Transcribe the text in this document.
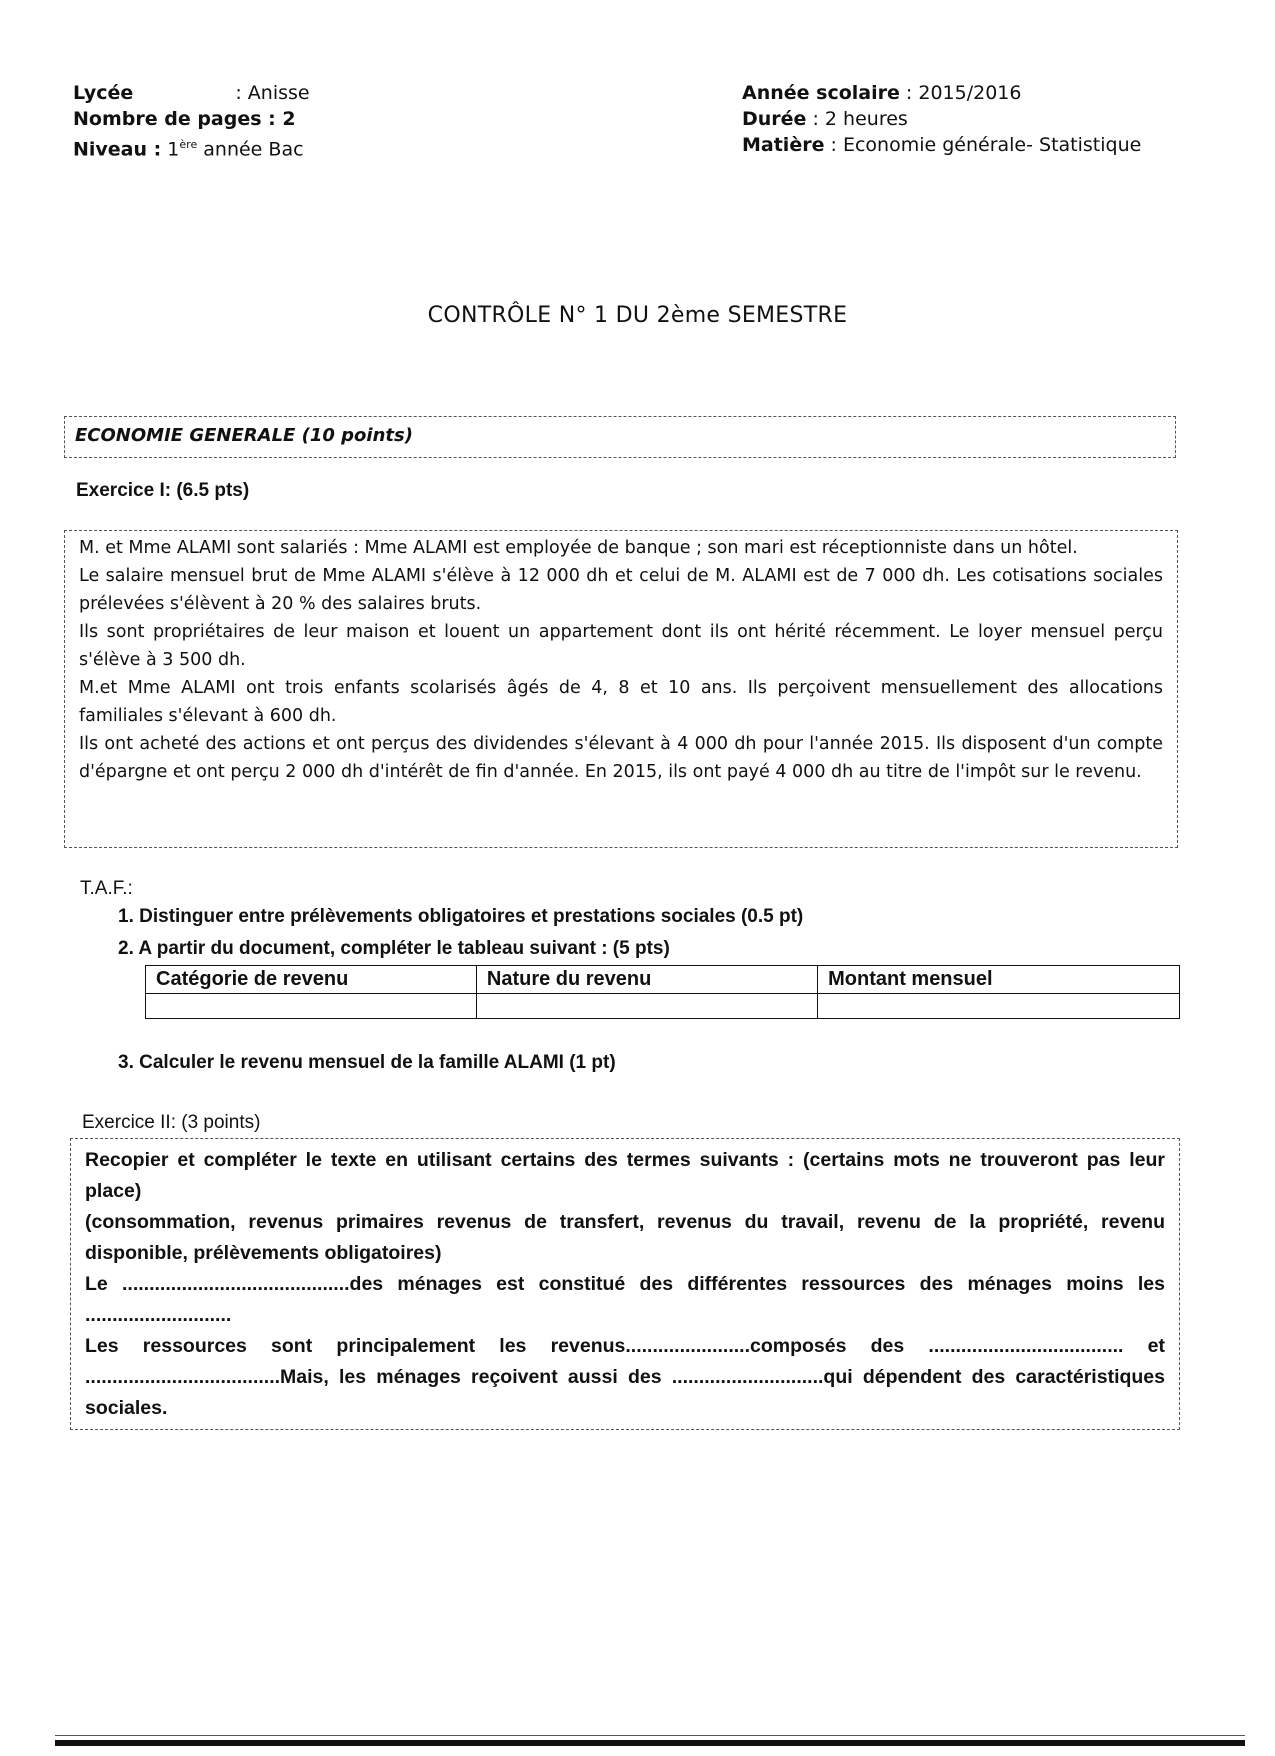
Lycée	: Anisse
Nombre de pages : 2
Niveau : 1ère année Bac
Année scolaire : 2015/2016
Durée : 2 heures
Matière : Economie générale- Statistique
CONTRÔLE N° 1 DU 2ème SEMESTRE
ECONOMIE GENERALE (10 points)
Exercice I: (6.5 pts)

M. et Mme ALAMI sont salariés : Mme ALAMI est employée de banque ; son mari est réceptionniste dans un hôtel.

Le salaire mensuel brut de Mme ALAMI s'élève à 12 000 dh et celui de M. ALAMI est de 7 000 dh. Les cotisations sociales prélevées s'élèvent à 20 % des salaires bruts.

Ils sont propriétaires de leur maison et louent un appartement dont ils ont hérité récemment. Le loyer mensuel perçu s'élève à 3 500 dh.

M.et Mme ALAMI ont trois enfants scolarisés âgés de 4, 8 et 10 ans. Ils perçoivent mensuellement des allocations familiales s'élevant à 600 dh.

Ils ont acheté des actions et ont perçus des dividendes s'élevant à 4 000 dh pour l'année 2015. Ils disposent d'un compte d'épargne et ont perçu 2 000 dh d'intérêt de fin d'année. En 2015, ils ont payé 4 000 dh au titre de l'impôt sur le revenu.

T.A.F.:
1. Distinguer entre prélèvements obligatoires et prestations sociales (0.5 pt)
2. A partir du document, compléter le tableau suivant : (5 pts)
Catégorie de revenu	Nature du revenu	Montant mensuel

3. Calculer le revenu mensuel de la famille ALAMI (1 pt)
Exercice II: (3 points)

Recopier et compléter le texte en utilisant certains des termes suivants : (certains mots ne trouveront pas leur place)

(consommation, revenus primaires revenus de transfert, revenus du travail, revenu de la propriété, revenu disponible, prélèvements obligatoires)

Le ..........................................des ménages est constitué des différentes ressources des ménages moins les ...........................

Les ressources sont principalement les revenus.......................composés des .................................... et ....................................Mais, les ménages reçoivent aussi des ............................qui dépendent des caractéristiques sociales.
